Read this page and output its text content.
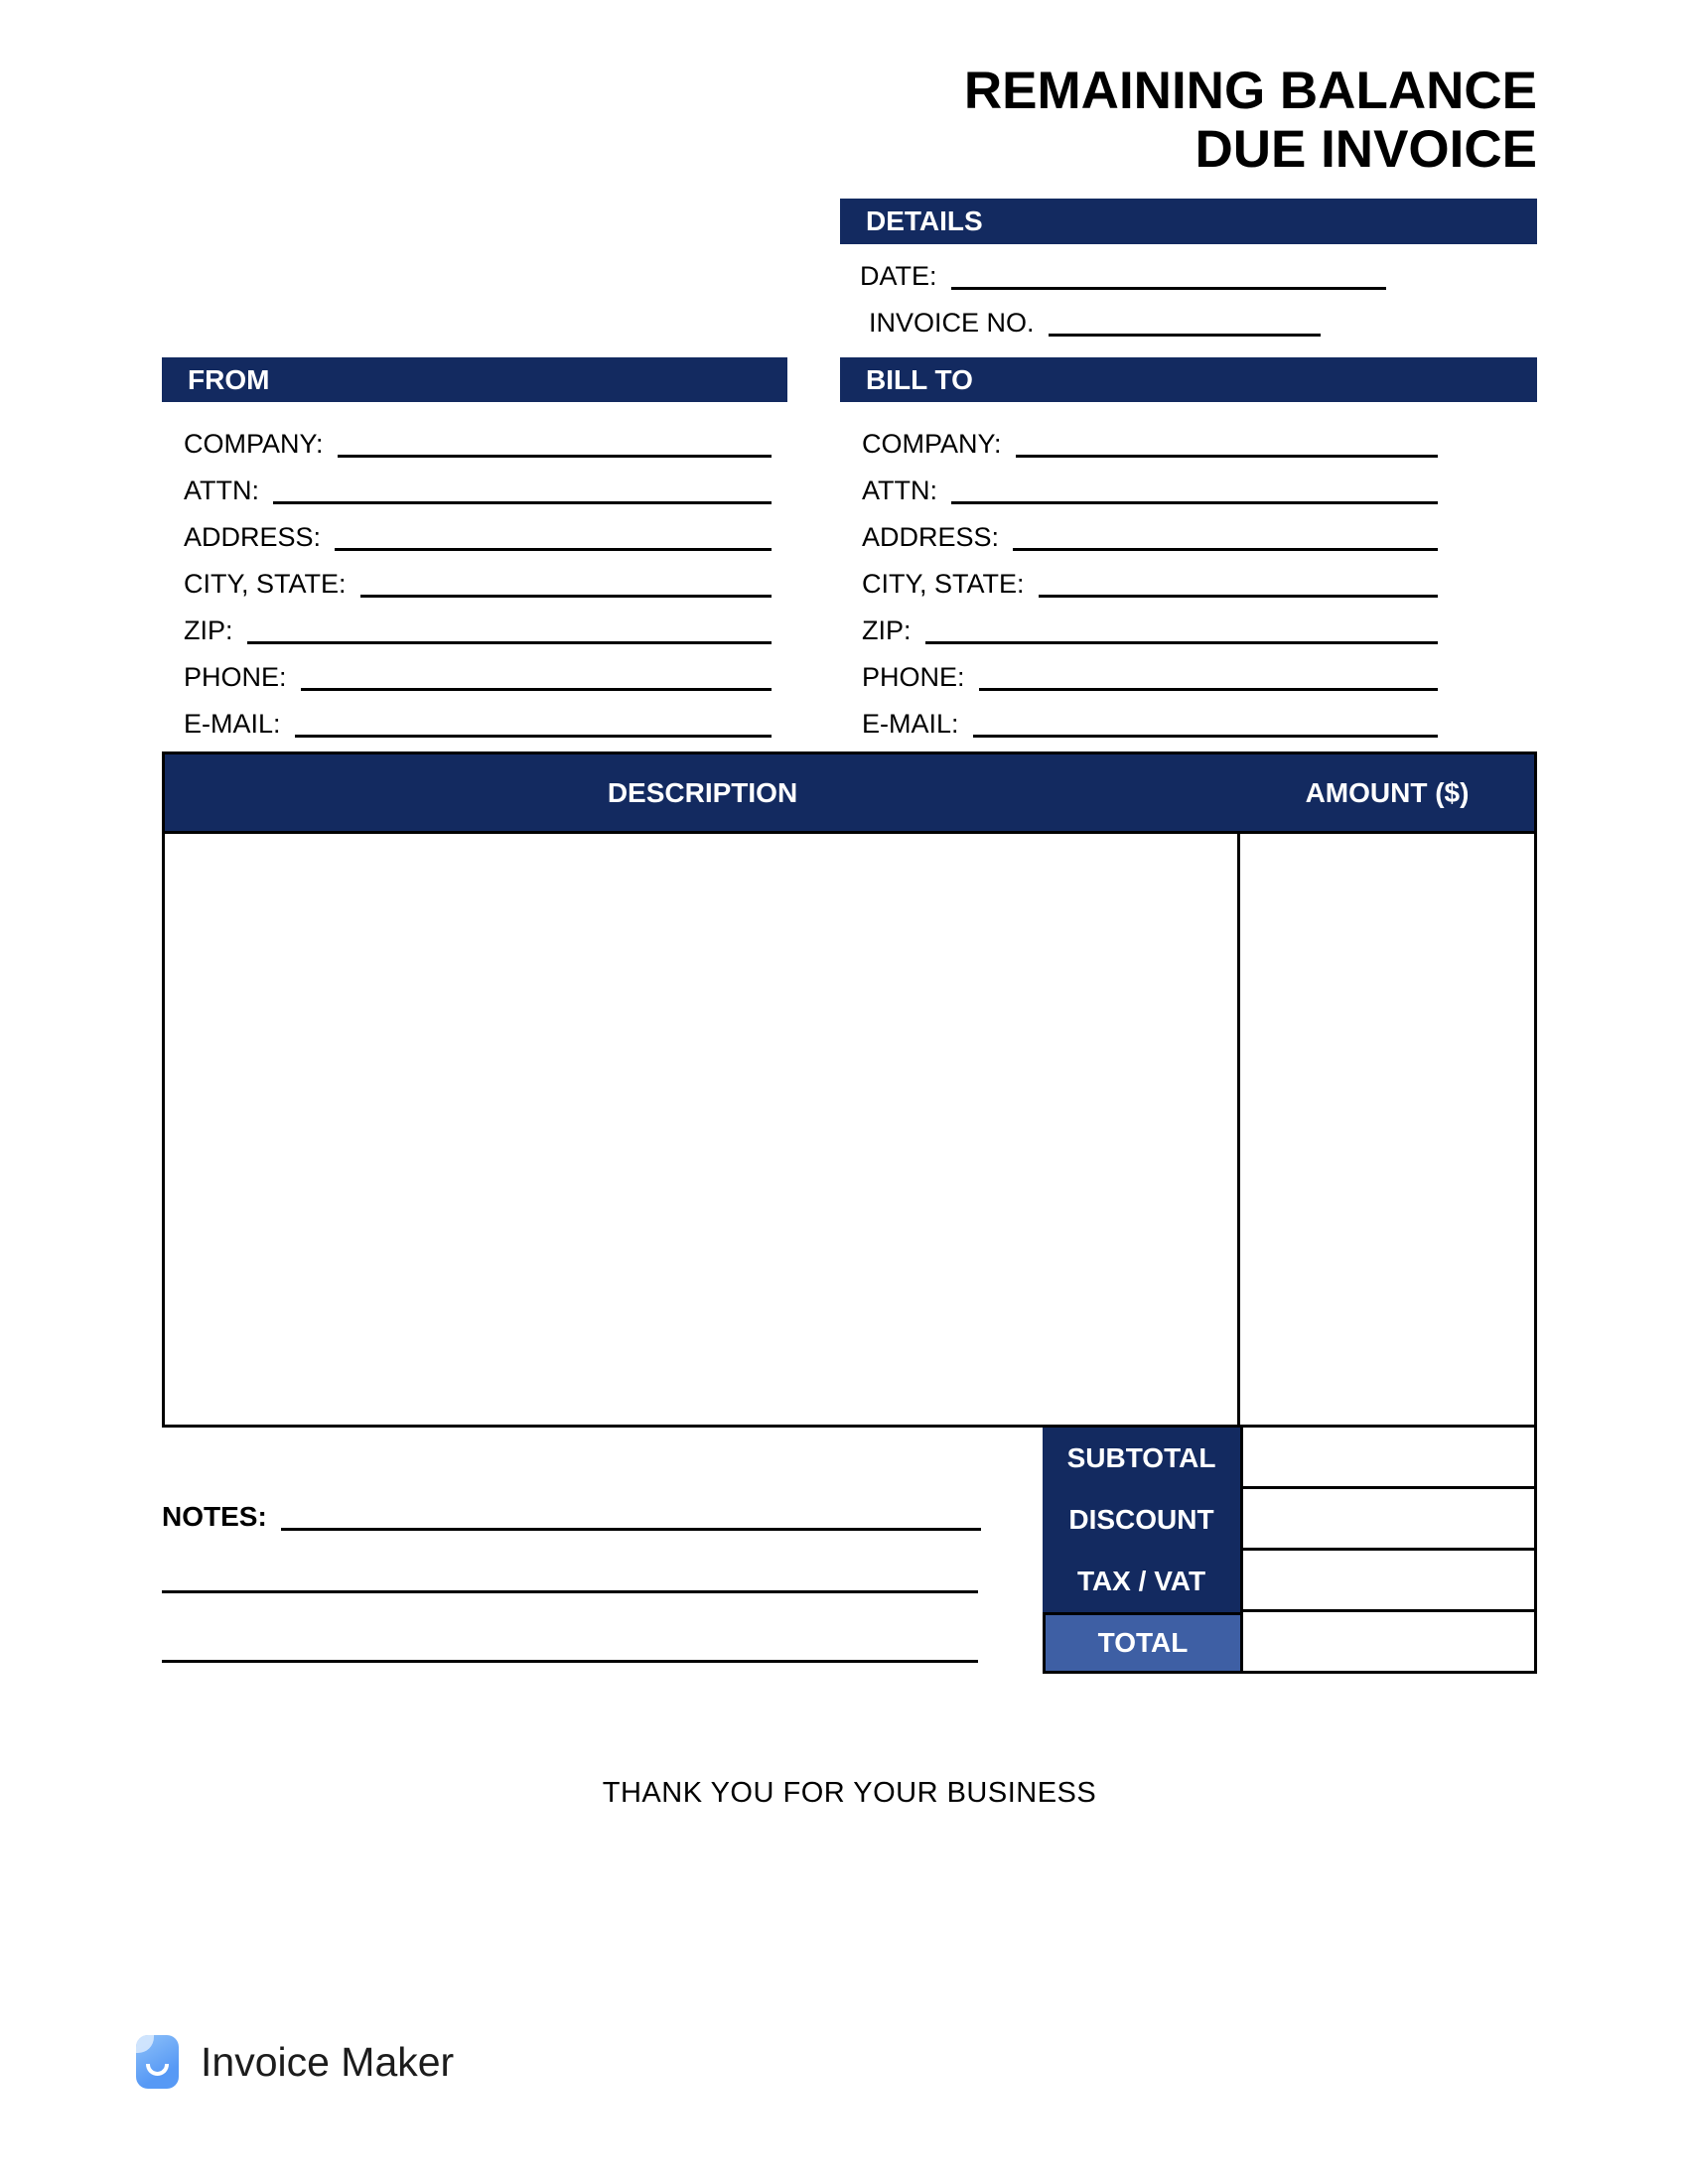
REMAINING BALANCE
DUE INVOICE
DETAILS
DATE:
INVOICE NO.
FROM	BILL TO
COMPANY:
ATTN:
ADDRESS:
CITY, STATE:
ZIP:
PHONE:
E-MAIL:
COMPANY:
ATTN:
ADDRESS:
CITY, STATE:
ZIP:
PHONE:
E-MAIL:
DESCRIPTION	AMOUNT ($)
SUBTOTAL
DISCOUNT
TAX / VAT
TOTAL
NOTES:
THANK YOU FOR YOUR BUSINESS
Invoice Maker
